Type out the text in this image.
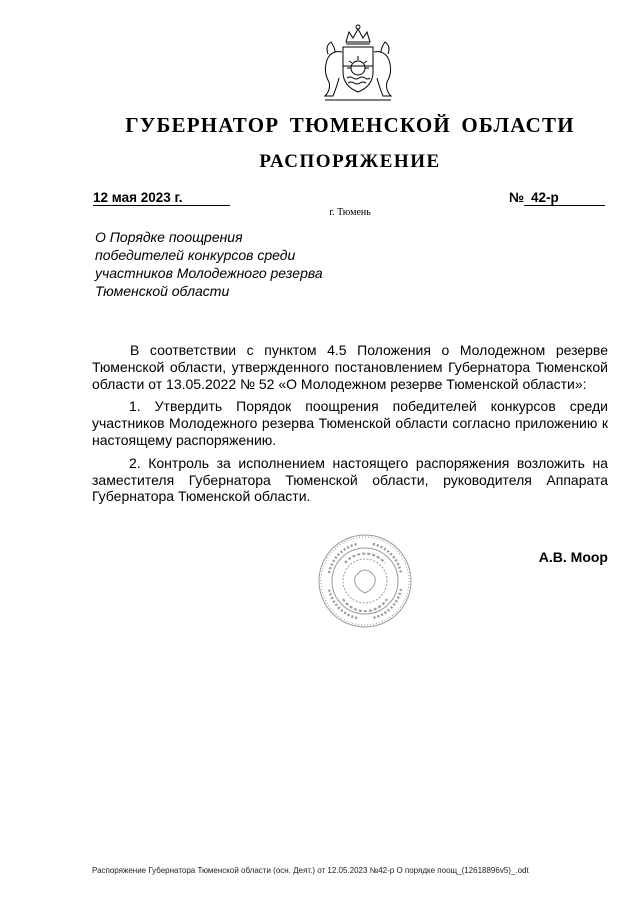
ГУБЕРНАТОР ТЮМЕНСКОЙ ОБЛАСТИ
РАСПОРЯЖЕНИЕ
12 мая 2023 г.	№ 42-р
г. Тюмень
О Порядке поощрения победителей конкурсов среди участников Молодежного резерва Тюменской области

В соответствии с пунктом 4.5 Положения о Молодежном резерве Тюменской области, утвержденного постановлением Губернатора Тюменской области от 13.05.2022 № 52 «О Молодежном резерве Тюменской области»:

1. Утвердить Порядок поощрения победителей конкурсов среди участников Молодежного резерва Тюменской области согласно приложению к настоящему распоряжению.

2. Контроль за исполнением настоящего распоряжения возложить на заместителя Губернатора Тюменской области, руководителя Аппарата Губернатора Тюменской области.

А.В. Моор
Распоряжение Губернатора Тюменской области (осн. Деят.) от 12.05.2023 №42-р О порядке поощ_(12618896v5)_.odt
